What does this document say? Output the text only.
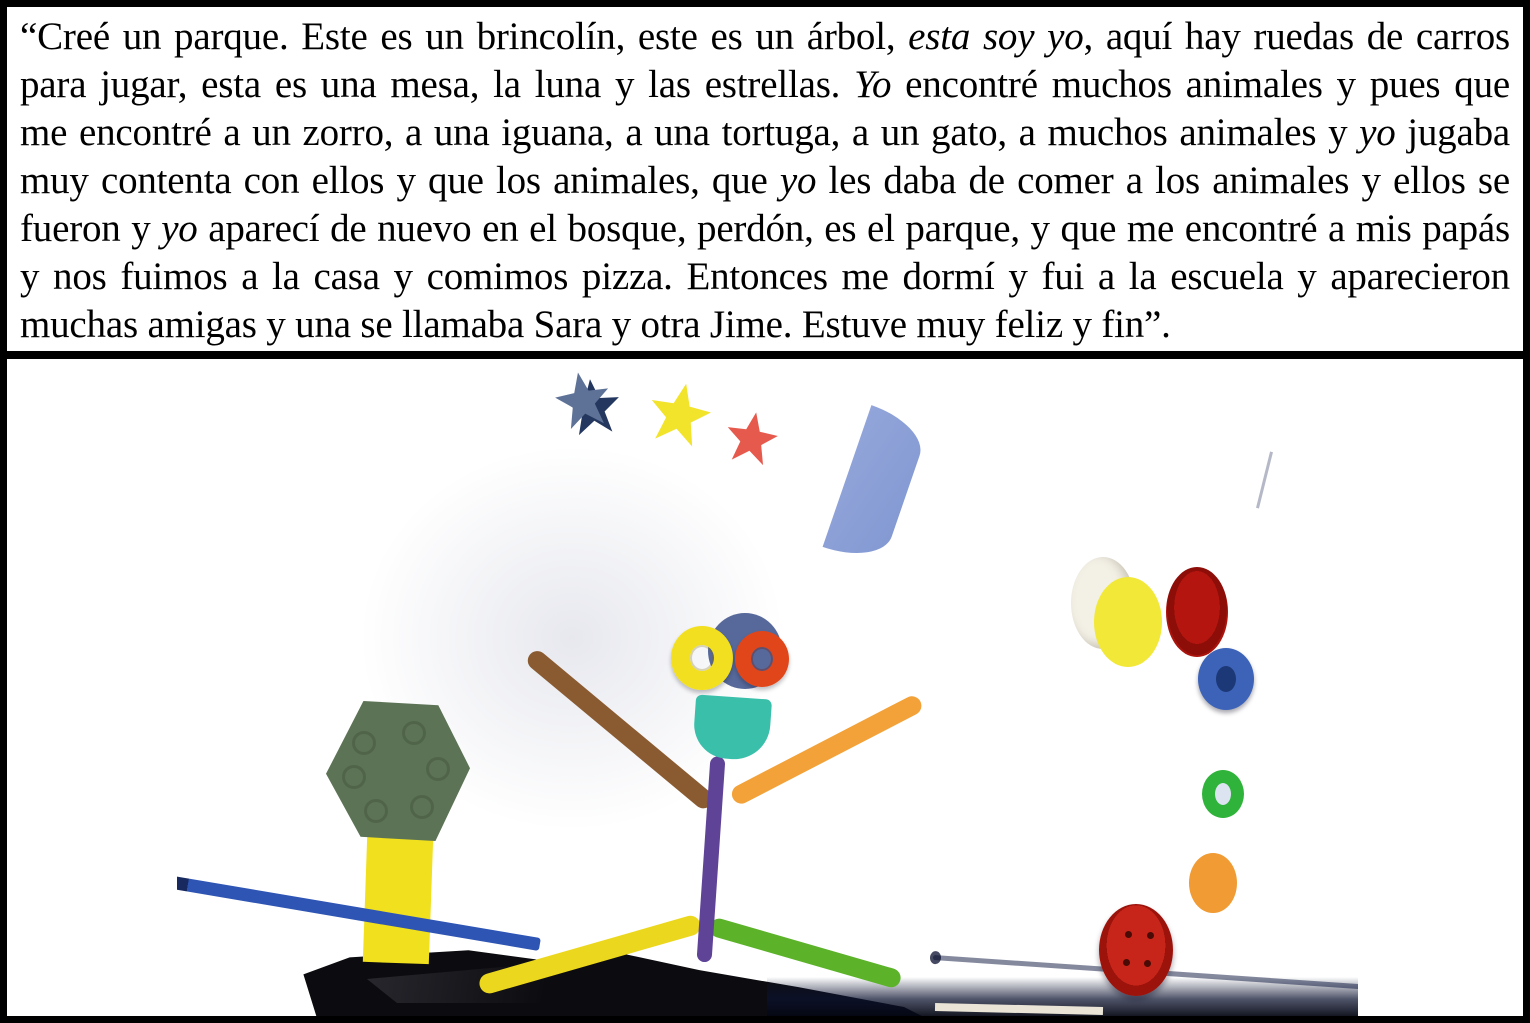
“Creé un parque. Este es un brincolín, este es un árbol, esta soy yo, aquí hay ruedas de carros
para jugar, esta es una mesa, la luna y las estrellas. Yo encontré muchos animales y pues que
me encontré a un zorro, a una iguana, a una tortuga, a un gato, a muchos animales y yo jugaba
muy contenta con ellos y que los animales, que yo les daba de comer a los animales y ellos se
fueron y yo aparecí de nuevo en el bosque, perdón, es el parque, y que me encontré a mis papás
y nos fuimos a la casa y comimos pizza. Entonces me dormí y fui a la escuela y aparecieron
muchas amigas y una se llamaba Sara y otra Jime. Estuve muy feliz y fin”.
